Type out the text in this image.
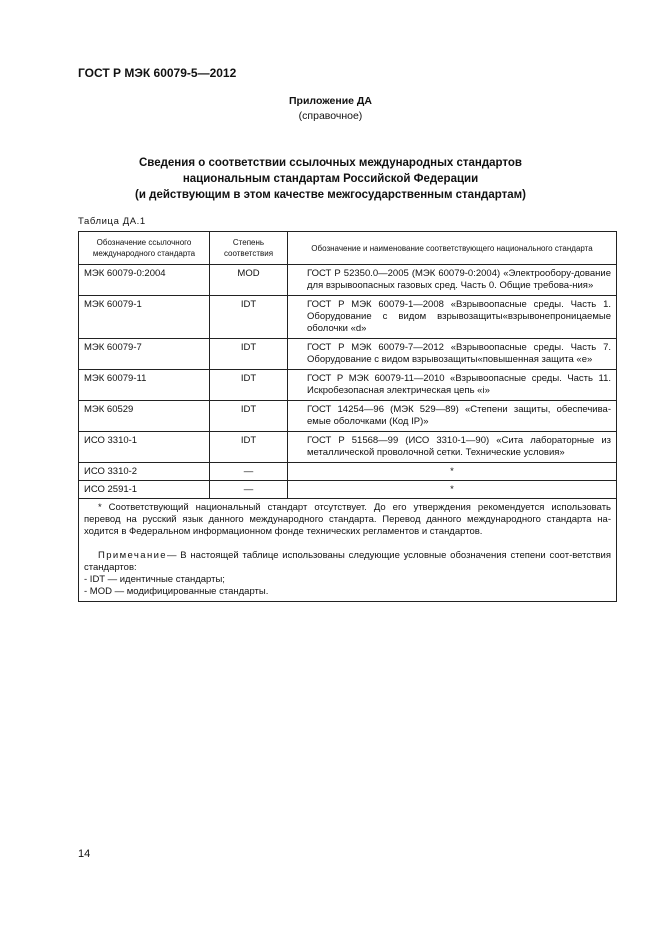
ГОСТ Р МЭК 60079-5—2012
Приложение ДА
(справочное)
Сведения о соответствии ссылочных международных стандартов
национальным стандартам Российской Федерации
(и действующим в этом качестве межгосударственным стандартам)
Таблица ДА.1
Обозначение ссылочного международного стандарта	Степень соответствия	Обозначение и наименование соответствующего национального стандарта
МЭК 60079-0:2004	MOD	ГОСТ Р 52350.0—2005 (МЭК 60079-0:2004) «Электрообору-дование для взрывоопасных газовых сред. Часть 0. Общие требова-ния»

МЭК 60079-1	IDT	ГОСТ Р МЭК 60079-1—2008 «Взрывоопасные среды. Часть 1. Оборудование с видом взрывозащиты«взрывонепроницаемые оболочки «d»

МЭК 60079-7	IDT	ГОСТ Р МЭК 60079-7—2012 «Взрывоопасные среды. Часть 7. Оборудование с видом взрывозащиты«повышенная защита «е»

МЭК 60079-11	IDT	ГОСТ Р МЭК 60079-11—2010 «Взрывоопасные среды. Часть 11. Искробезопасная электрическая цепь «i»

МЭК 60529	IDT	ГОСТ 14254—96 (МЭК 529—89) «Степени защиты, обеспечива-емые оболочками (Код IP)»

ИСО 3310-1	IDT	ГОСТ Р 51568—99 (ИСО 3310-1—90) «Сита лабораторные из металлической проволочной сетки. Технические условия»

ИСО 3310-2	—	*
ИСО 2591-1	—	*

* Соответствующий национальный стандарт отсутствует. До его утверждения рекомендуется использовать перевод на русский язык данного международного стандарта. Перевод данного международного стандарта на-ходится в Федеральном информационном фонде технических регламентов и стандартов.
Примечание— В настоящей таблице использованы следующие условные обозначения степени соот-ветствия стандартов:
- IDT — идентичные стандарты;
- MOD — модифицированные стандарты.		
14
